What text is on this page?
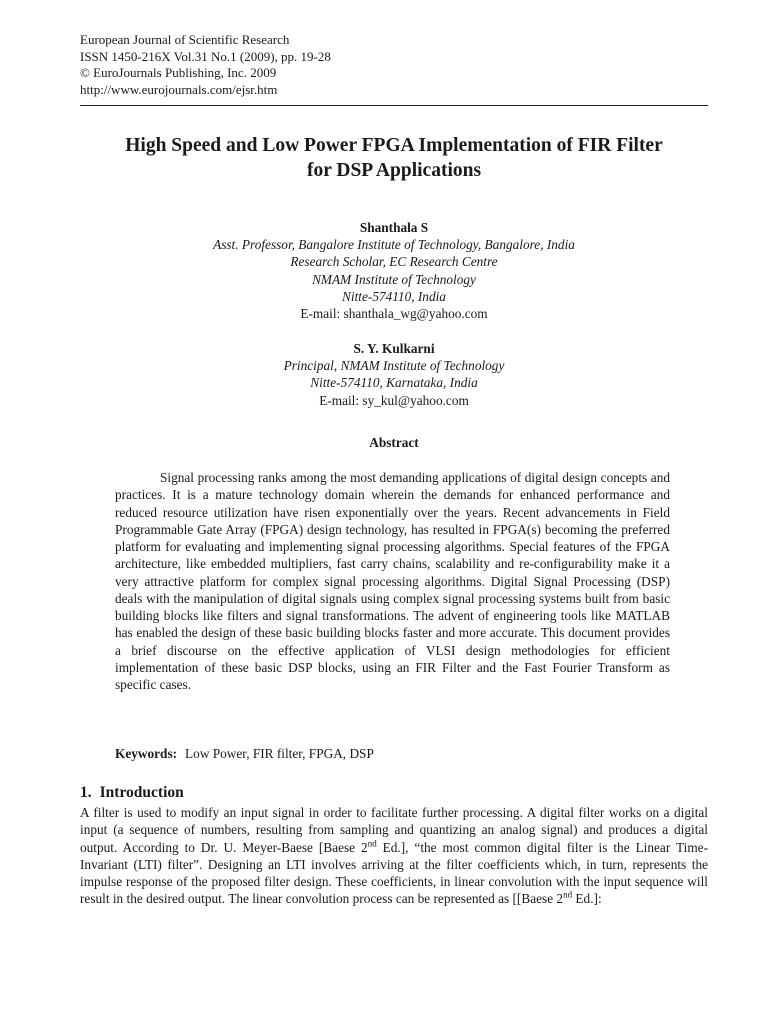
European Journal of Scientific Research
ISSN 1450-216X Vol.31 No.1 (2009), pp. 19-28
© EuroJournals Publishing, Inc. 2009
http://www.eurojournals.com/ejsr.htm
High Speed and Low Power FPGA Implementation of FIR Filter
for DSP Applications
Shanthala S
Asst. Professor, Bangalore Institute of Technology, Bangalore, India
Research Scholar, EC Research Centre
NMAM Institute of Technology
Nitte-574110, India
E-mail: shanthala_wg@yahoo.com
S. Y. Kulkarni
Principal, NMAM Institute of Technology
Nitte-574110, Karnataka, India
E-mail: sy_kul@yahoo.com
Abstract
Signal processing ranks among the most demanding applications of digital design concepts and practices. It is a mature technology domain wherein the demands for enhanced performance and reduced resource utilization have risen exponentially over the years. Recent advancements in Field Programmable Gate Array (FPGA) design technology, has resulted in FPGA(s) becoming the preferred platform for evaluating and implementing signal processing algorithms. Special features of the FPGA architecture, like embedded multipliers, fast carry chains, scalability and re-configurability make it a very attractive platform for complex signal processing algorithms. Digital Signal Processing (DSP) deals with the manipulation of digital signals using complex signal processing systems built from basic building blocks like filters and signal transformations. The advent of engineering tools like MATLAB has enabled the design of these basic building blocks faster and more accurate. This document provides a brief discourse on the effective application of VLSI design methodologies for efficient implementation of these basic DSP blocks, using an FIR Filter and the Fast Fourier Transform as specific cases.
Keywords: Low Power, FIR filter, FPGA, DSP
1. Introduction
A filter is used to modify an input signal in order to facilitate further processing. A digital filter works on a digital input (a sequence of numbers, resulting from sampling and quantizing an analog signal) and produces a digital output. According to Dr. U. Meyer-Baese [Baese 2nd Ed.], “the most common digital filter is the Linear Time-Invariant (LTI) filter”. Designing an LTI involves arriving at the filter coefficients which, in turn, represents the impulse response of the proposed filter design. These coefficients, in linear convolution with the input sequence will result in the desired output. The linear convolution process can be represented as [[Baese 2nd Ed.]:
